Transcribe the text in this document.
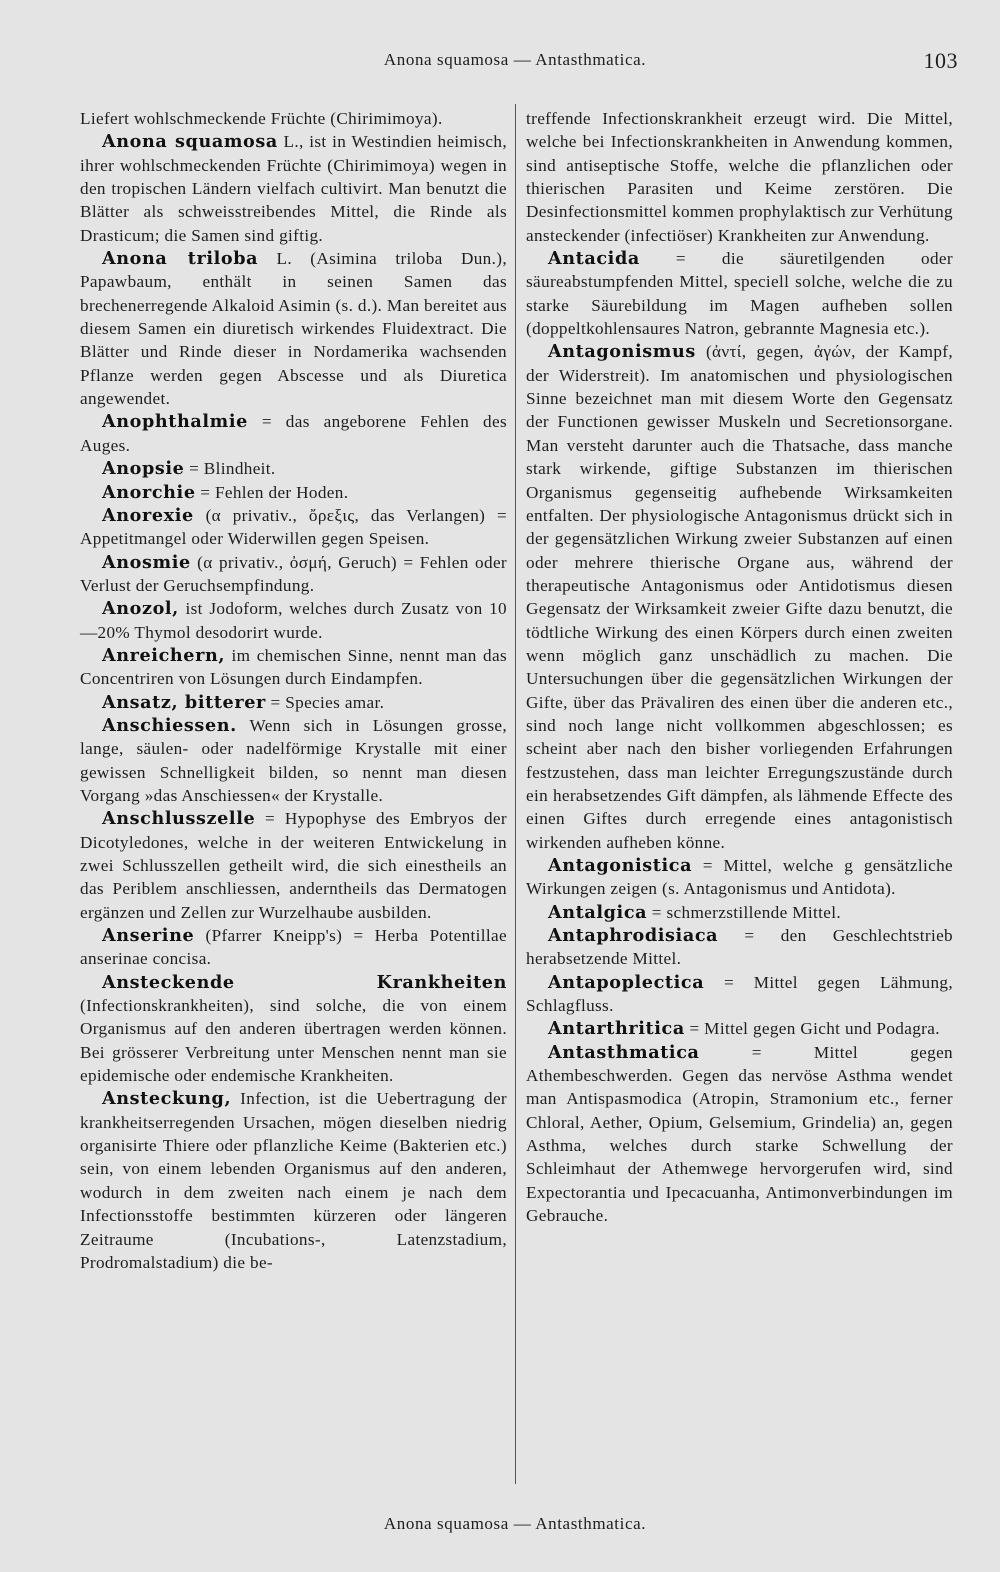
Anona squamosa — Antasthmatica.	103

Liefert wohlschmeckende Früchte (Chirimimoya).

Anona squamosa L., ist in Westindien heimisch, ihrer wohlschmeckenden Früchte (Chirimimoya) wegen in den tropischen Ländern vielfach cultivirt. Man benutzt die Blätter als schweisstreibendes Mittel, die Rinde als Drasticum; die Samen sind giftig.

Anona triloba L. (Asimina triloba Dun.), Papawbaum, enthält in seinen Samen das brechenerregende Alkaloid Asimin (s. d.). Man bereitet aus diesem Samen ein diuretisch wirkendes Fluidextract. Die Blätter und Rinde dieser in Nordamerika wachsenden Pflanze werden gegen Abscesse und als Diuretica angewendet.

Anophthalmie = das angeborene Fehlen des Auges.

Anopsie = Blindheit.

Anorchie = Fehlen der Hoden.

Anorexie (α privativ., ὄρεξις, das Verlangen) = Appetitmangel oder Widerwillen gegen Speisen.

Anosmie (α privativ., ὀσμή, Geruch) = Fehlen oder Verlust der Geruchsempfindung.

Anozol, ist Jodoform, welches durch Zusatz von 10—20% Thymol desodorirt wurde.

Anreichern, im chemischen Sinne, nennt man das Concentriren von Lösungen durch Eindampfen.

Ansatz, bitterer = Species amar.

Anschiessen. Wenn sich in Lösungen grosse, lange, säulen- oder nadelförmige Krystalle mit einer gewissen Schnelligkeit bilden, so nennt man diesen Vorgang »das Anschiessen« der Krystalle.

Anschlusszelle = Hypophyse des Embryos der Dicotyledones, welche in der weiteren Entwickelung in zwei Schlusszellen getheilt wird, die sich einestheils an das Periblem anschliessen, anderntheils das Dermatogen ergänzen und Zellen zur Wurzelhaube ausbilden.

Anserine (Pfarrer Kneipp's) = Herba Potentillae anserinae concisa.

Ansteckende Krankheiten (Infectionskrankheiten), sind solche, die von einem Organismus auf den anderen übertragen werden können. Bei grösserer Verbreitung unter Menschen nennt man sie epidemische oder endemische Krankheiten.

Ansteckung, Infection, ist die Uebertragung der krankheitserregenden Ursachen, mögen dieselben niedrig organisirte Thiere oder pflanzliche Keime (Bakterien etc.) sein, von einem lebenden Organismus auf den anderen, wodurch in dem zweiten nach einem je nach dem Infectionsstoffe bestimmten kürzeren oder längeren Zeitraume (Incubations-, Latenzstadium, Prodromalstadium) die be-

treffende Infectionskrankheit erzeugt wird. Die Mittel, welche bei Infectionskrankheiten in Anwendung kommen, sind antiseptische Stoffe, welche die pflanzlichen oder thierischen Parasiten und Keime zerstören. Die Desinfectionsmittel kommen prophylaktisch zur Verhütung ansteckender (infectiöser) Krankheiten zur Anwendung.

Antacida = die säuretilgenden oder säureabstumpfenden Mittel, speciell solche, welche die zu starke Säurebildung im Magen aufheben sollen (doppeltkohlensaures Natron, gebrannte Magnesia etc.).

Antagonismus (ἀντί, gegen, ἀγών, der Kampf, der Widerstreit). Im anatomischen und physiologischen Sinne bezeichnet man mit diesem Worte den Gegensatz der Functionen gewisser Muskeln und Secretionsorgane. Man versteht darunter auch die Thatsache, dass manche stark wirkende, giftige Substanzen im thierischen Organismus gegenseitig aufhebende Wirksamkeiten entfalten. Der physiologische Antagonismus drückt sich in der gegensätzlichen Wirkung zweier Substanzen auf einen oder mehrere thierische Organe aus, während der therapeutische Antagonismus oder Antidotismus diesen Gegensatz der Wirksamkeit zweier Gifte dazu benutzt, die tödtliche Wirkung des einen Körpers durch einen zweiten wenn möglich ganz unschädlich zu machen. Die Untersuchungen über die gegensätzlichen Wirkungen der Gifte, über das Prävaliren des einen über die anderen etc., sind noch lange nicht vollkommen abgeschlossen; es scheint aber nach den bisher vorliegenden Erfahrungen festzustehen, dass man leichter Erregungszustände durch ein herabsetzendes Gift dämpfen, als lähmende Effecte des einen Giftes durch erregende eines antagonistisch wirkenden aufheben könne.

Antagonistica = Mittel, welche g gensätzliche Wirkungen zeigen (s. Antagonismus und Antidota).

Antalgica = schmerzstillende Mittel.

Antaphrodisiaca = den Geschlechtstrieb herabsetzende Mittel.

Antapoplectica = Mittel gegen Lähmung, Schlagfluss.

Antarthritica = Mittel gegen Gicht und Podagra.

Antasthmatica = Mittel gegen Athembeschwerden. Gegen das nervöse Asthma wendet man Antispasmodica (Atropin, Stramonium etc., ferner Chloral, Aether, Opium, Gelsemium, Grindelia) an, gegen Asthma, welches durch starke Schwellung der Schleimhaut der Athemwege hervorgerufen wird, sind Expectorantia und Ipecacuanha, Antimonverbindungen im Gebrauche.

Anona squamosa — Antasthmatica.
